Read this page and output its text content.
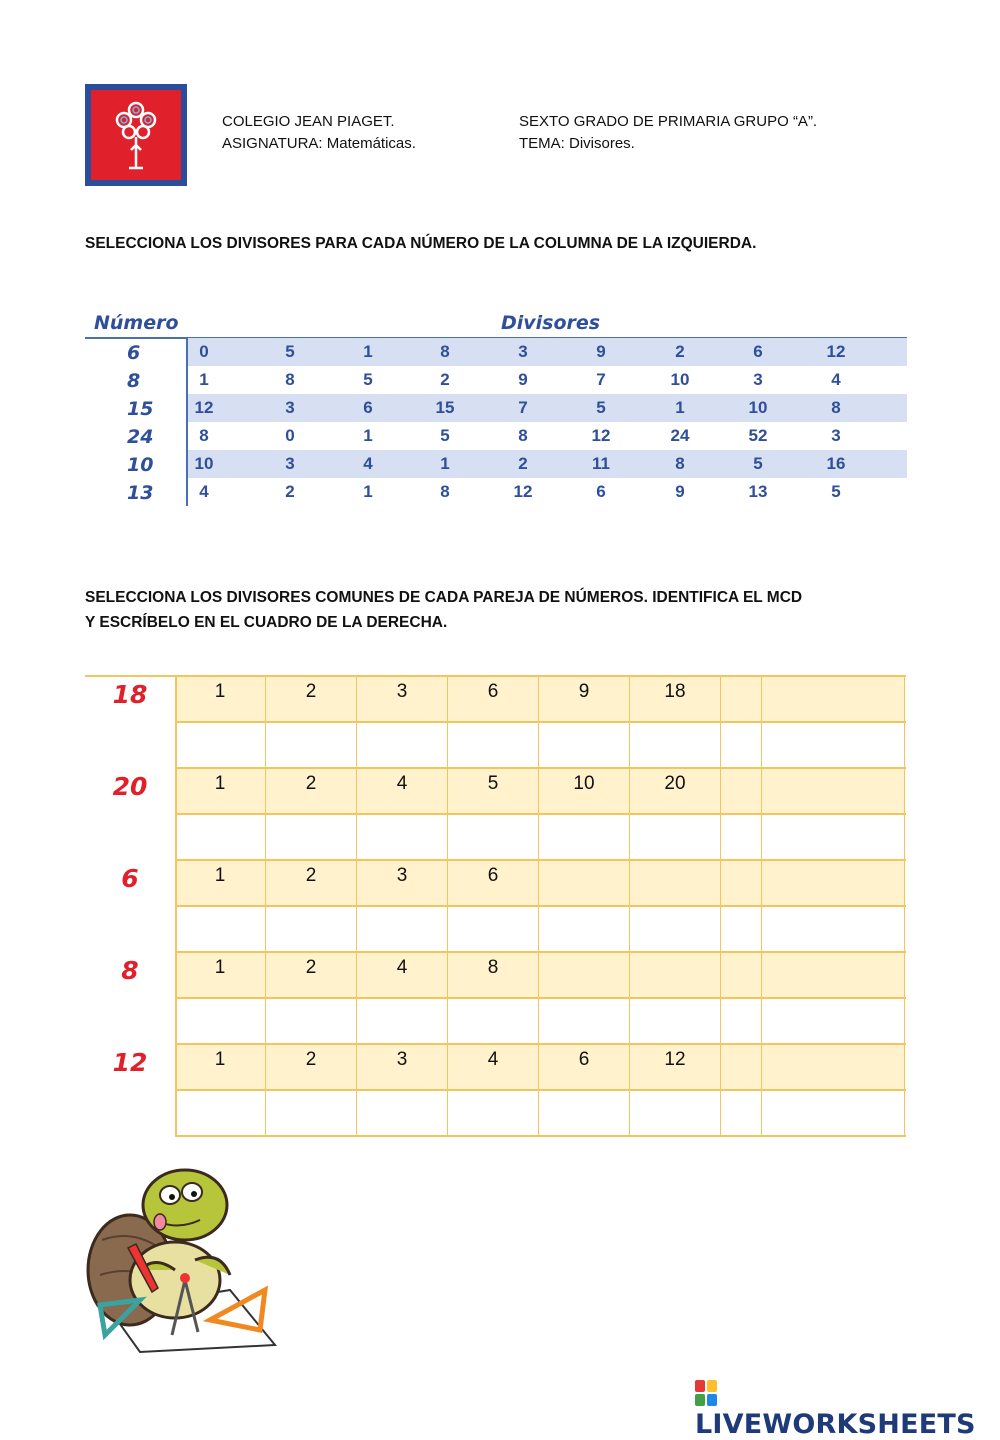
COLEGIO JEAN PIAGET.
ASIGNATURA: Matemáticas.
SEXTO GRADO DE PRIMARIA GRUPO “A”.
TEMA: Divisores.
SELECCIONA LOS DIVISORES PARA CADA NÚMERO DE LA COLUMNA DE LA IZQUIERDA.
Número	Divisores
6	0	5	1	8	3	9	2	6	12
8	1	8	5	2	9	7	10	3	4
15	12	3	6	15	7	5	1	10	8
24	8	0	1	5	8	12	24	52	3
10	10	3	4	1	2	11	8	5	16
13	4	2	1	8	12	6	9	13	5
SELECCIONA LOS DIVISORES COMUNES DE CADA PAREJA DE NÚMEROS. IDENTIFICA EL MCD
Y ESCRÍBELO EN EL CUADRO DE LA DERECHA.
18	1	2	3	6	9	18
20	1	2	4	5	10	20
6	1	2	3	6
8	1	2	4	8
12	1	2	3	4	6	12
LIVEWORKSHEETS
